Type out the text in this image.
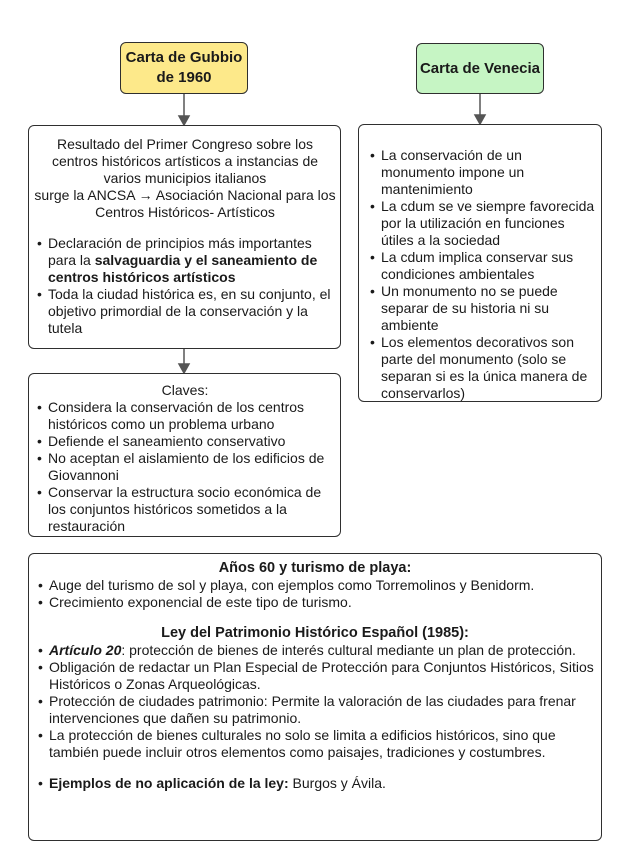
Carta de Gubbio
de 1960
Carta de Venecia
Resultado del Primer Congreso sobre los
centros históricos artísticos a instancias de
varios municipios italianos
surge la ANCSA → Asociación Nacional para los
Centros Históricos- Artísticos
• Declaración de principios más importantes para la salvaguardia y el saneamiento de centros históricos artísticos
• Toda la ciudad histórica es, en su conjunto, el objetivo primordial de la conservación y la tutela
Claves:
• Considera la conservación de los centros históricos como un problema urbano
• Defiende el saneamiento conservativo
• No aceptan el aislamiento de los edificios de Giovannoni
• Conservar la estructura socio económica de los conjuntos históricos sometidos a la restauración
• La conservación de un monumento impone un mantenimiento
• La cdum se ve siempre favorecida por la utilización en funciones útiles a la sociedad
• La cdum implica conservar sus condiciones ambientales
• Un monumento no se puede separar de su historia ni su ambiente
• Los elementos decorativos son parte del monumento (solo se separan si es la única manera de conservarlos)
Años 60 y turismo de playa:
• Auge del turismo de sol y playa, con ejemplos como Torremolinos y Benidorm.
• Crecimiento exponencial de este tipo de turismo.
Ley del Patrimonio Histórico Español (1985):
• Artículo 20: protección de bienes de interés cultural mediante un plan de protección.
• Obligación de redactar un Plan Especial de Protección para Conjuntos Históricos, Sitios Históricos o Zonas Arqueológicas.
• Protección de ciudades patrimonio: Permite la valoración de las ciudades para frenar intervenciones que dañen su patrimonio.
• La protección de bienes culturales no solo se limita a edificios históricos, sino que también puede incluir otros elementos como paisajes, tradiciones y costumbres.
• Ejemplos de no aplicación de la ley: Burgos y Ávila.
